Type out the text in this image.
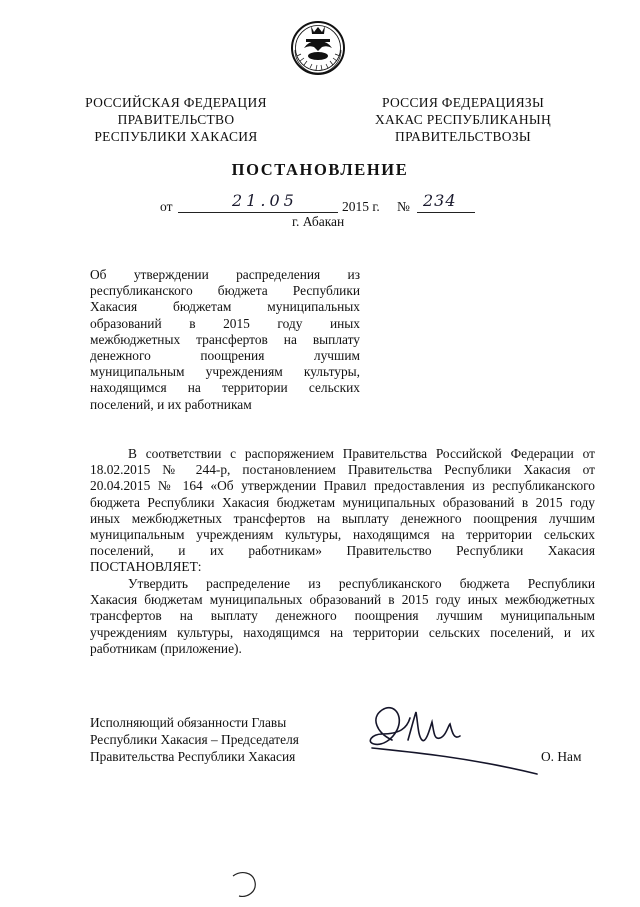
РОССИЙСКАЯ ФЕДЕРАЦИЯ
ПРАВИТЕЛЬСТВО
РЕСПУБЛИКИ ХАКАСИЯ
РОССИЯ ФЕДЕРАЦИЯЗЫ
ХАКАС РЕСПУБЛИКАНЫҢ
ПРАВИТЕЛЬСТВОЗЫ
ПОСТАНОВЛЕНИЕ
от	21.05	2015 г. № 234
г. Абакан
Об утверждении распределения из
республиканского бюджета Республики
Хакасия бюджетам муниципальных
образований в 2015 году иных
межбюджетных трансфертов на выплату
денежного поощрения лучшим
муниципальным учреждениям культуры,
находящимся на территории сельских
поселений, и их работникам
В соответствии с распоряжением Правительства Российской Федерации от
18.02.2015 № 244-р, постановлением Правительства Республики Хакасия от
20.04.2015 № 164 «Об утверждении Правил предоставления из республиканского
бюджета Республики Хакасия бюджетам муниципальных образований в 2015 году
иных межбюджетных трансфертов на выплату денежного поощрения лучшим
муниципальным учреждениям культуры, находящимся на территории сельских
поселений, и их работникам» Правительство Республики Хакасия
ПОСТАНОВЛЯЕТ:
Утвердить распределение из республиканского бюджета Республики
Хакасия бюджетам муниципальных образований в 2015 году иных межбюджетных
трансфертов на выплату денежного поощрения лучшим муниципальным
учреждениям культуры, находящимся на территории сельских поселений, и их
работникам (приложение).
Исполняющий обязанности Главы
Республики Хакасия – Председателя
Правительства Республики Хакасия	О. Нам
